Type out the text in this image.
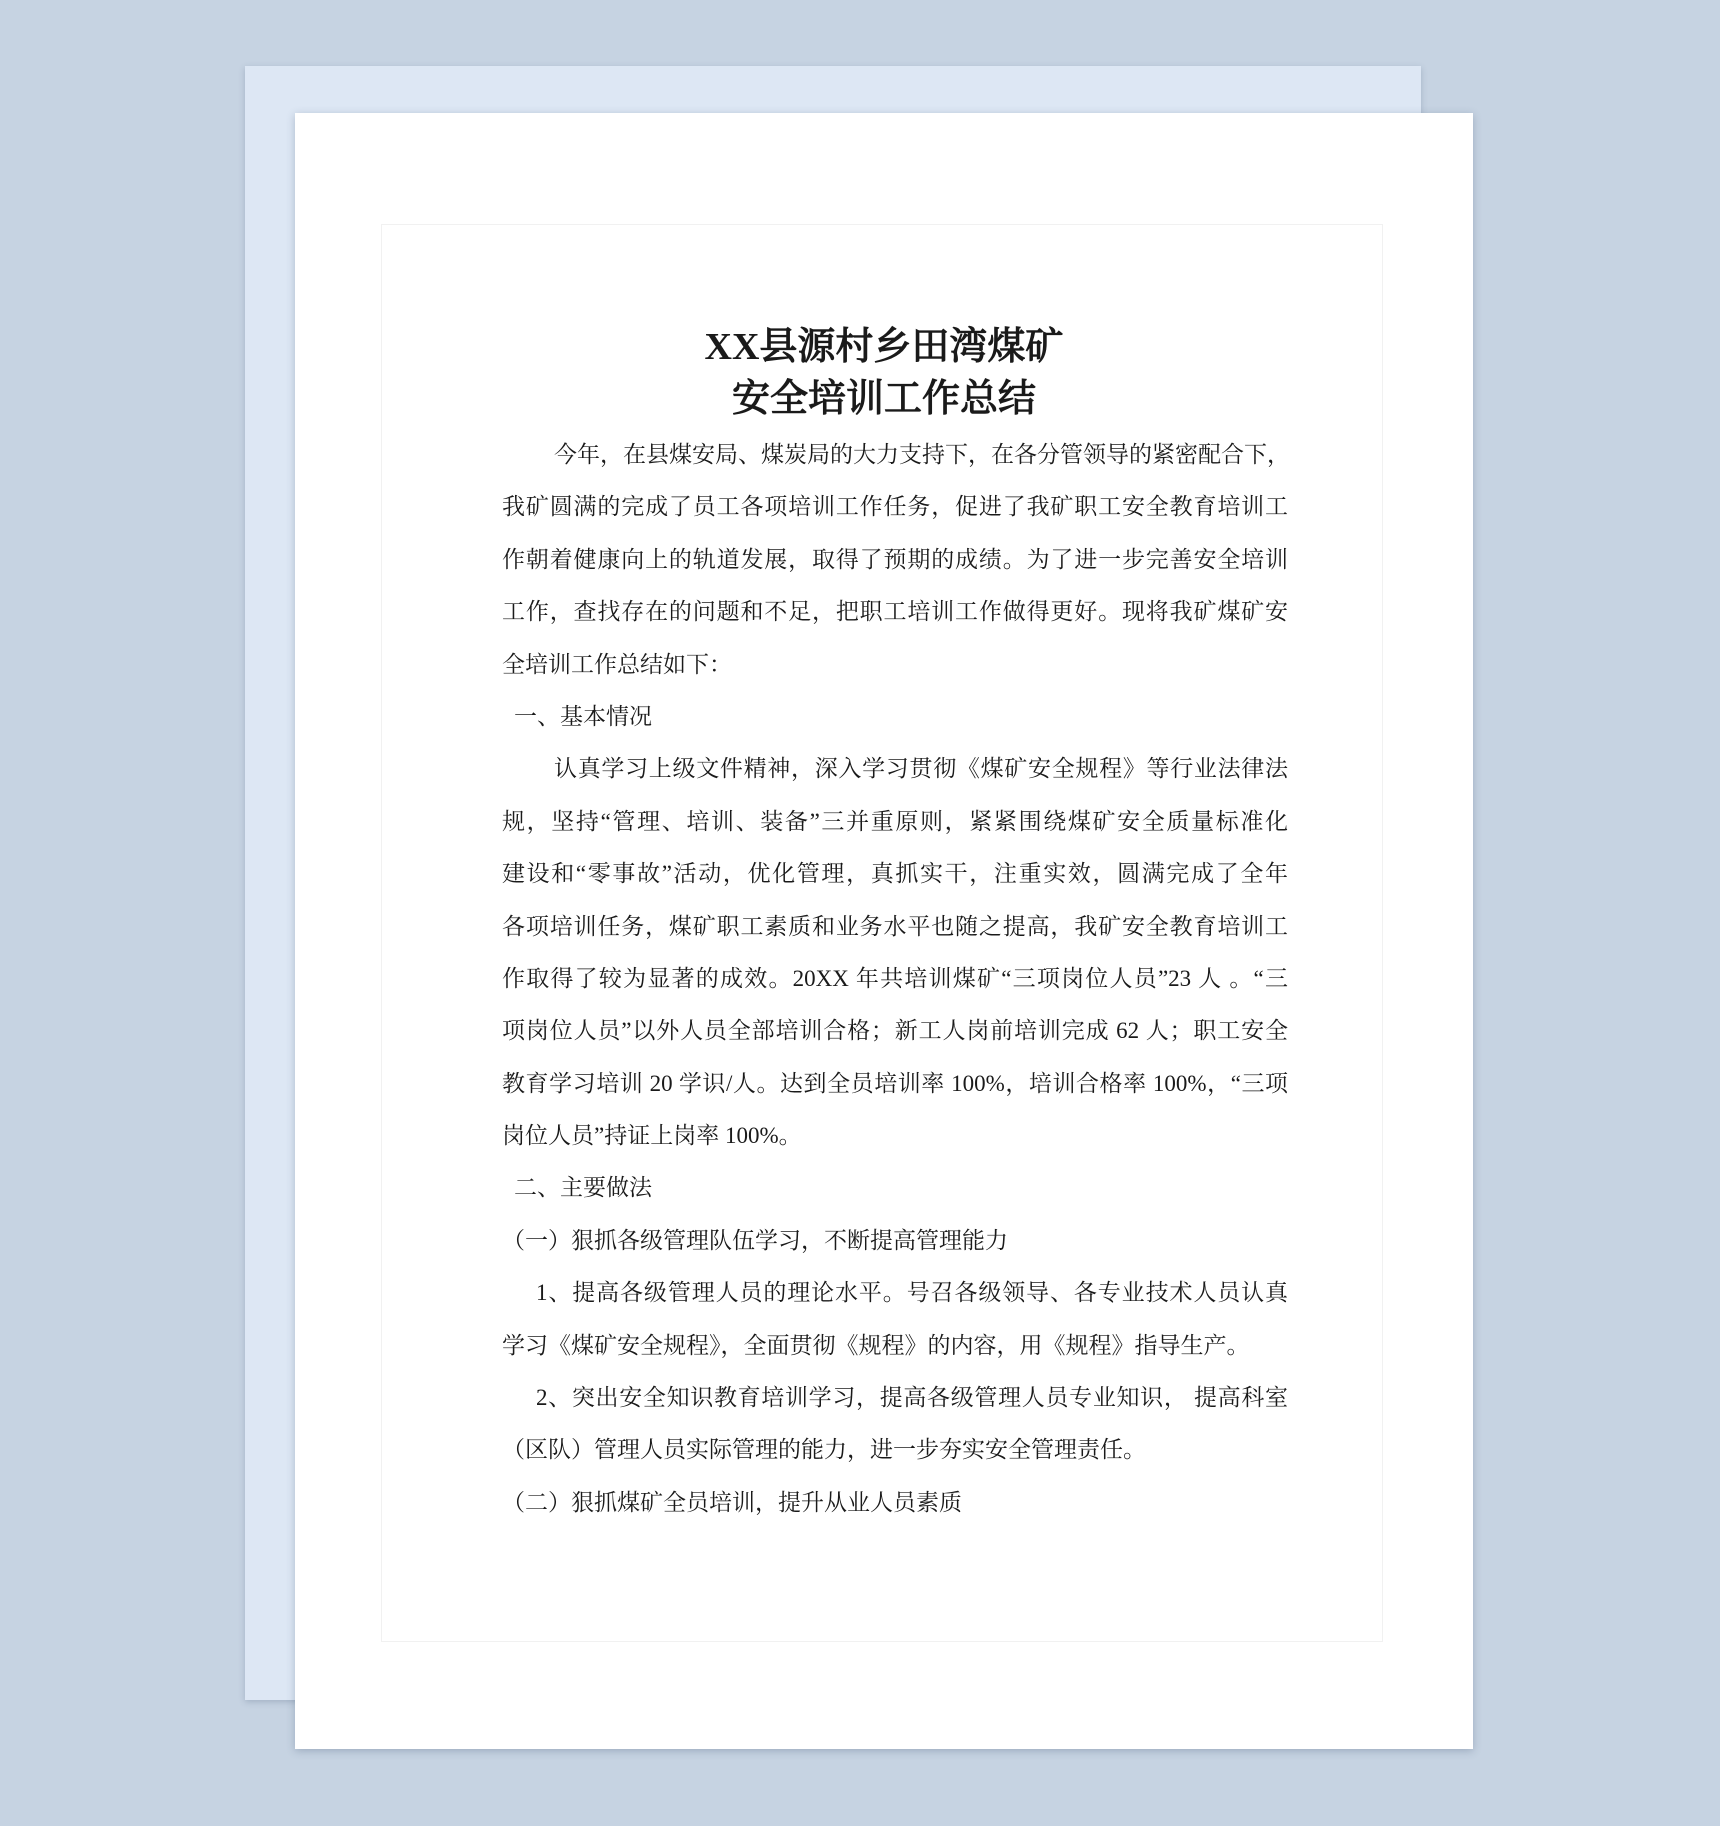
XX县源村乡田湾煤矿
安全培训工作总结
今年，在县煤安局、煤炭局的大力支持下，在各分管领导的紧密配合下，
我矿圆满的完成了员工各项培训工作任务，促进了我矿职工安全教育培训工
作朝着健康向上的轨道发展，取得了预期的成绩。为了进一步完善安全培训
工作，查找存在的问题和不足，把职工培训工作做得更好。现将我矿煤矿安
全培训工作总结如下：
一、基本情况
认真学习上级文件精神，深入学习贯彻《煤矿安全规程》等行业法律法
规，坚持“管理、培训、装备”三并重原则，紧紧围绕煤矿安全质量标准化
建设和“零事故”活动，优化管理，真抓实干，注重实效，圆满完成了全年
各项培训任务，煤矿职工素质和业务水平也随之提高，我矿安全教育培训工
作取得了较为显著的成效。20XX 年共培训煤矿“三项岗位人员”23 人 。“三
项岗位人员”以外人员全部培训合格；新工人岗前培训完成 62 人；职工安全
教育学习培训 20 学识/人。达到全员培训率 100%，培训合格率 100%，“三项
岗位人员”持证上岗率 100%。
二、主要做法
（一）狠抓各级管理队伍学习，不断提高管理能力
1、提高各级管理人员的理论水平。号召各级领导、各专业技术人员认真
学习《煤矿安全规程》，全面贯彻《规程》的内容，用《规程》指导生产。
2、突出安全知识教育培训学习，提高各级管理人员专业知识， 提高科室
（区队）管理人员实际管理的能力，进一步夯实安全管理责任。
（二）狠抓煤矿全员培训，提升从业人员素质
